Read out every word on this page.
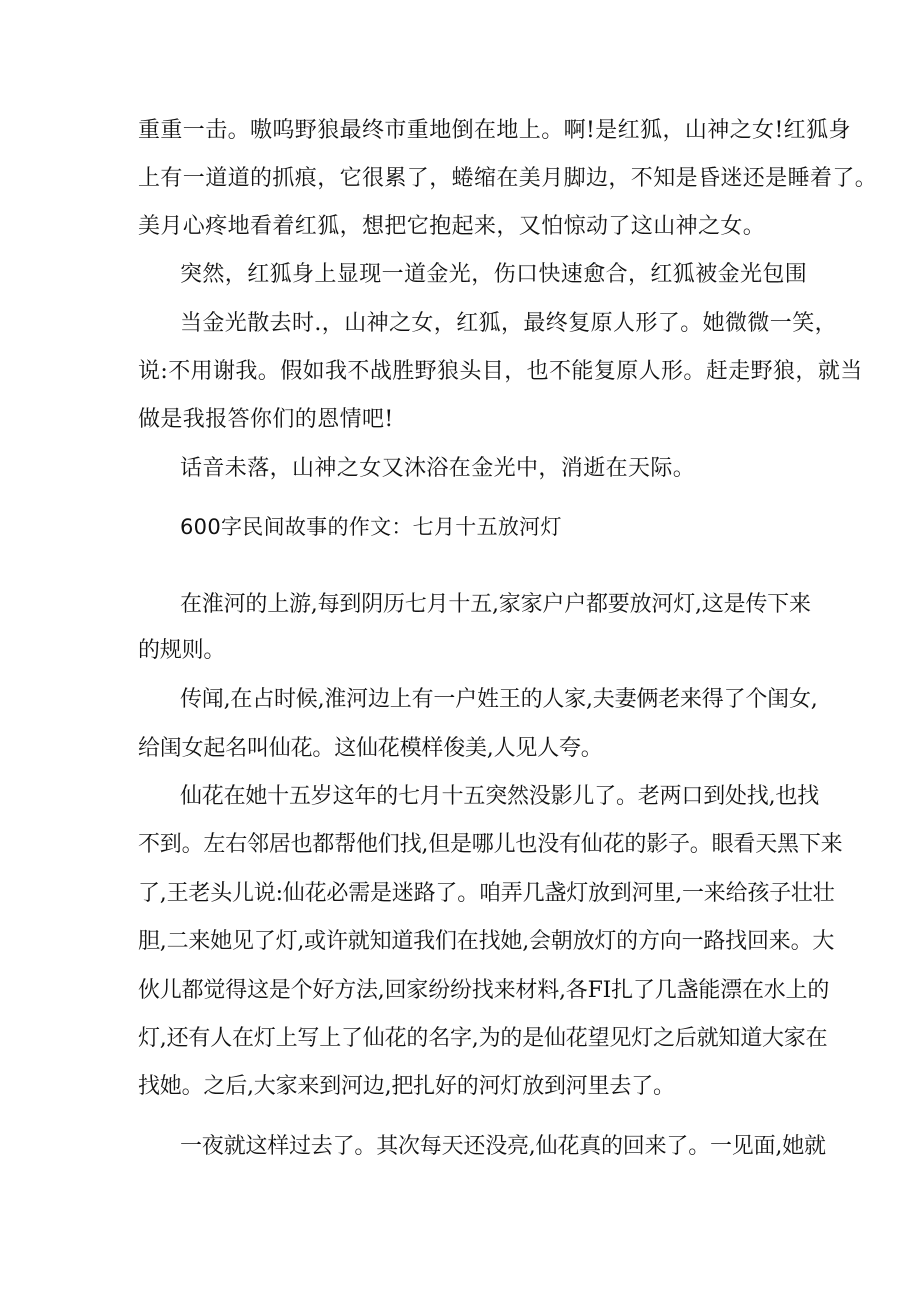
重重一击。嗷呜野狼最终市重地倒在地上。啊!是红狐，山神之女!红狐身
上有一道道的抓痕，它很累了，蜷缩在美月脚边，不知是昏迷还是睡着了。
美月心疼地看着红狐，想把它抱起来，又怕惊动了这山神之女。
突然，红狐身上显现一道金光，伤口快速愈合，红狐被金光包围
当金光散去时.，山神之女，红狐，最终复原人形了。她微微一笑，
说:不用谢我。假如我不战胜野狼头目，也不能复原人形。赶走野狼，就当
做是我报答你们的恩情吧!
话音未落，山神之女又沐浴在金光中，消逝在天际。
600字民间故事的作文：七月十五放河灯
在淮河的上游,每到阴历七月十五,家家户户都要放河灯,这是传下来
的规则。
传闻,在占时候,淮河边上有一户姓王的人家,夫妻俩老来得了个闺女,
给闺女起名叫仙花。这仙花模样俊美,人见人夸。
仙花在她十五岁这年的七月十五突然没影儿了。老两口到处找,也找
不到。左右邻居也都帮他们找,但是哪儿也没有仙花的影子。眼看天黑下来
了,王老头儿说:仙花必需是迷路了。咱弄几盏灯放到河里,一来给孩子壮壮
胆,二来她见了灯,或许就知道我们在找她,会朝放灯的方向一路找回来。大
伙儿都觉得这是个好方法,回家纷纷找来材料,各FI扎了几盏能漂在水上的
灯,还有人在灯上写上了仙花的名字,为的是仙花望见灯之后就知道大家在
找她。之后,大家来到河边,把扎好的河灯放到河里去了。
一夜就这样过去了。其次每天还没亮,仙花真的回来了。一见面,她就
